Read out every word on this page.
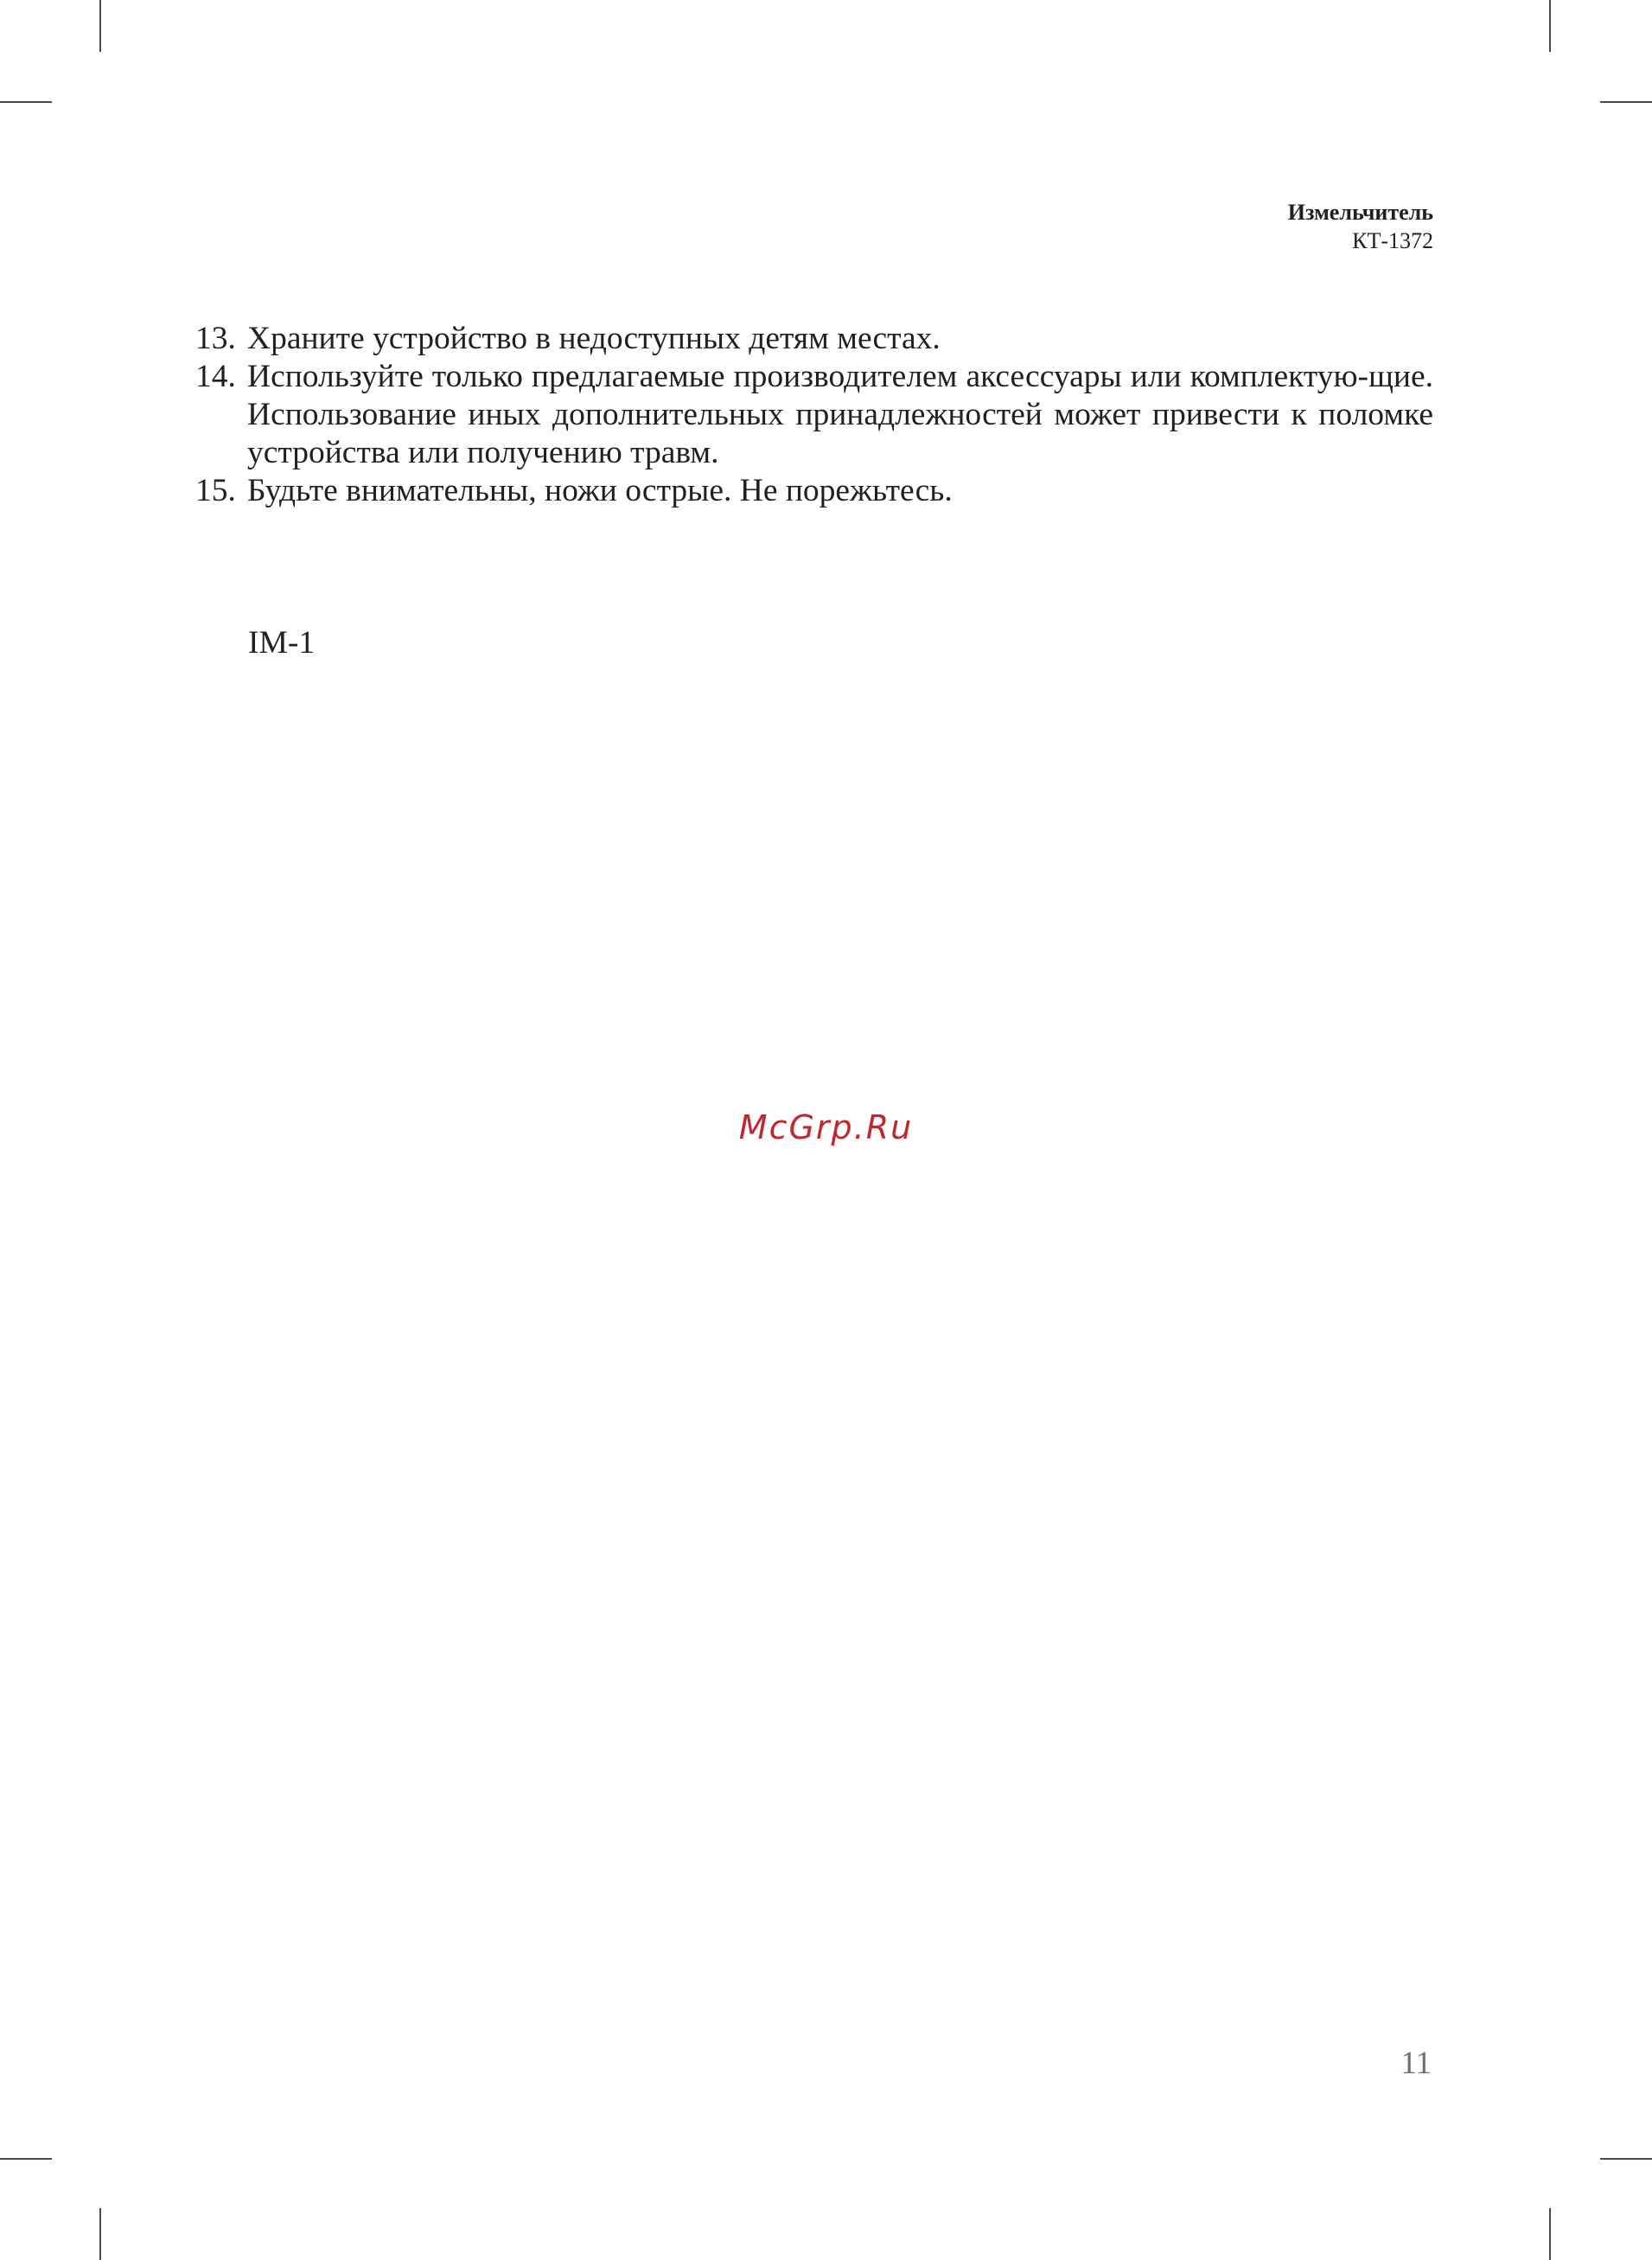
Измельчитель
КТ-1372
13. Храните устройство в недоступных детям местах.
14. Используйте только предлагаемые производителем аксессуары или комплектую-щие. Использование иных дополнительных принадлежностей может привести к поломке устройства или получению травм.
15. Будьте внимательны, ножи острые. Не порежьтесь.
IM-1
McGrp.Ru
11
